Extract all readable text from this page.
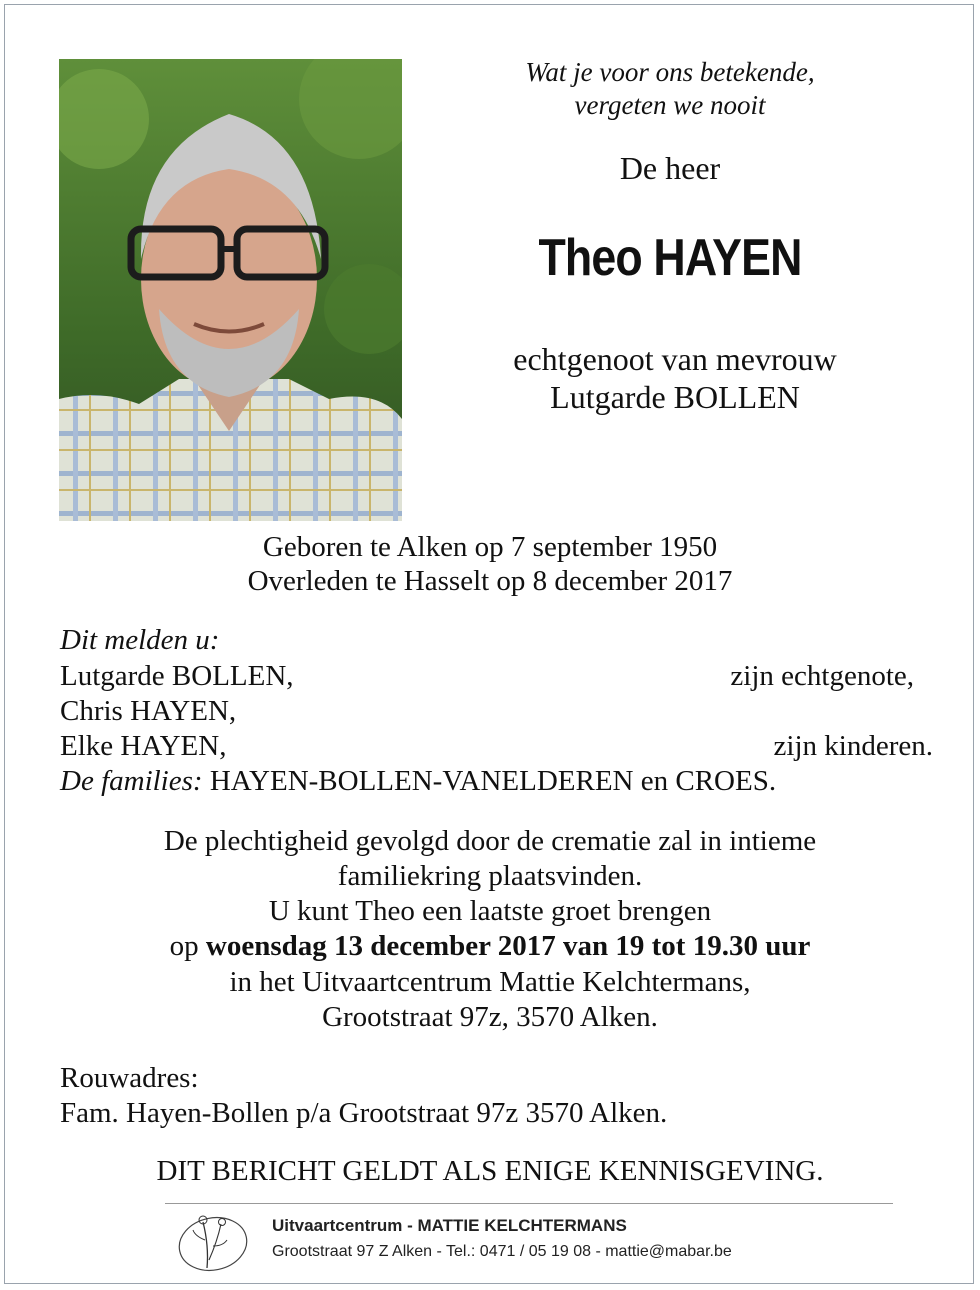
Wat je voor ons betekende,
vergeten we nooit
De heer
Theo HAYEN
echtgenoot van mevrouw
Lutgarde BOLLEN
Geboren te Alken op 7 september 1950
Overleden te Hasselt op 8 december 2017
Dit melden u:
Lutgarde BOLLEN,	zijn echtgenote,
Chris HAYEN,
Elke HAYEN,	zijn kinderen.
De families: HAYEN-BOLLEN-VANELDEREN en CROES.
De plechtigheid gevolgd door de crematie zal in intieme
familiekring plaatsvinden.
U kunt Theo een laatste groet brengen
op woensdag 13 december 2017 van 19 tot 19.30 uur
in het Uitvaartcentrum Mattie Kelchtermans,
Grootstraat 97z, 3570 Alken.
Rouwadres:
Fam. Hayen-Bollen p/a Grootstraat 97z 3570 Alken.
DIT BERICHT GELDT ALS ENIGE KENNISGEVING.
Uitvaartcentrum - MATTIE KELCHTERMANS
Grootstraat 97 Z Alken - Tel.: 0471 / 05 19 08 - mattie@mabar.be
